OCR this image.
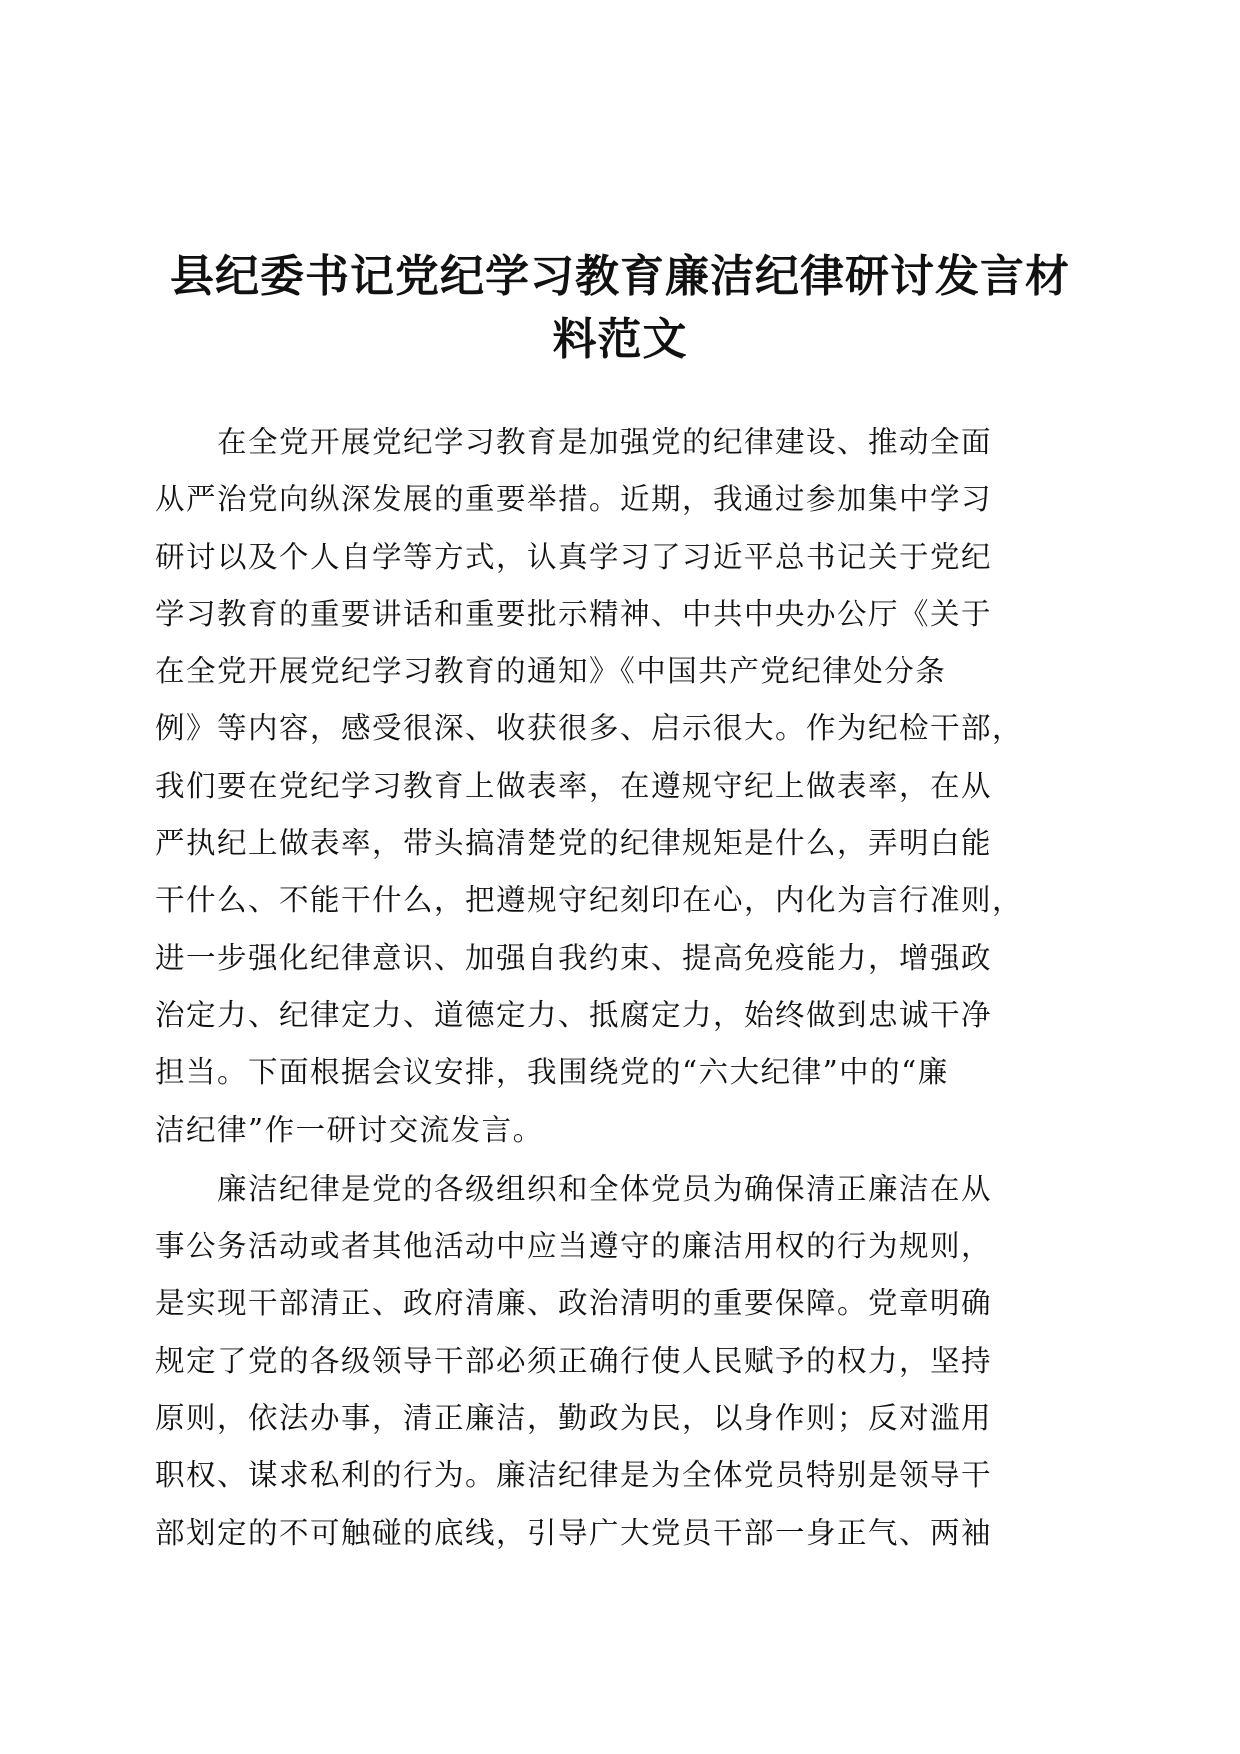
县纪委书记党纪学习教育廉洁纪律研讨发言材
料范文

在全党开展党纪学习教育是加强党的纪律建设、推动全面
从严治党向纵深发展的重要举措。近期，我通过参加集中学习
研讨以及个人自学等方式，认真学习了习近平总书记关于党纪
学习教育的重要讲话和重要批示精神、中共中央办公厅《关于
在全党开展党纪学习教育的通知》《中国共产党纪律处分条
例》等内容，感受很深、收获很多、启示很大。作为纪检干部，
我们要在党纪学习教育上做表率，在遵规守纪上做表率，在从
严执纪上做表率，带头搞清楚党的纪律规矩是什么，弄明白能
干什么、不能干什么，把遵规守纪刻印在心，内化为言行准则，
进一步强化纪律意识、加强自我约束、提高免疫能力，增强政
治定力、纪律定力、道德定力、抵腐定力，始终做到忠诚干净
担当。下面根据会议安排，我围绕党的“六大纪律”中的“廉
洁纪律”作一研讨交流发言。

廉洁纪律是党的各级组织和全体党员为确保清正廉洁在从
事公务活动或者其他活动中应当遵守的廉洁用权的行为规则，
是实现干部清正、政府清廉、政治清明的重要保障。党章明确
规定了党的各级领导干部必须正确行使人民赋予的权力，坚持
原则，依法办事，清正廉洁，勤政为民，以身作则；反对滥用
职权、谋求私利的行为。廉洁纪律是为全体党员特别是领导干
部划定的不可触碰的底线，引导广大党员干部一身正气、两袖
